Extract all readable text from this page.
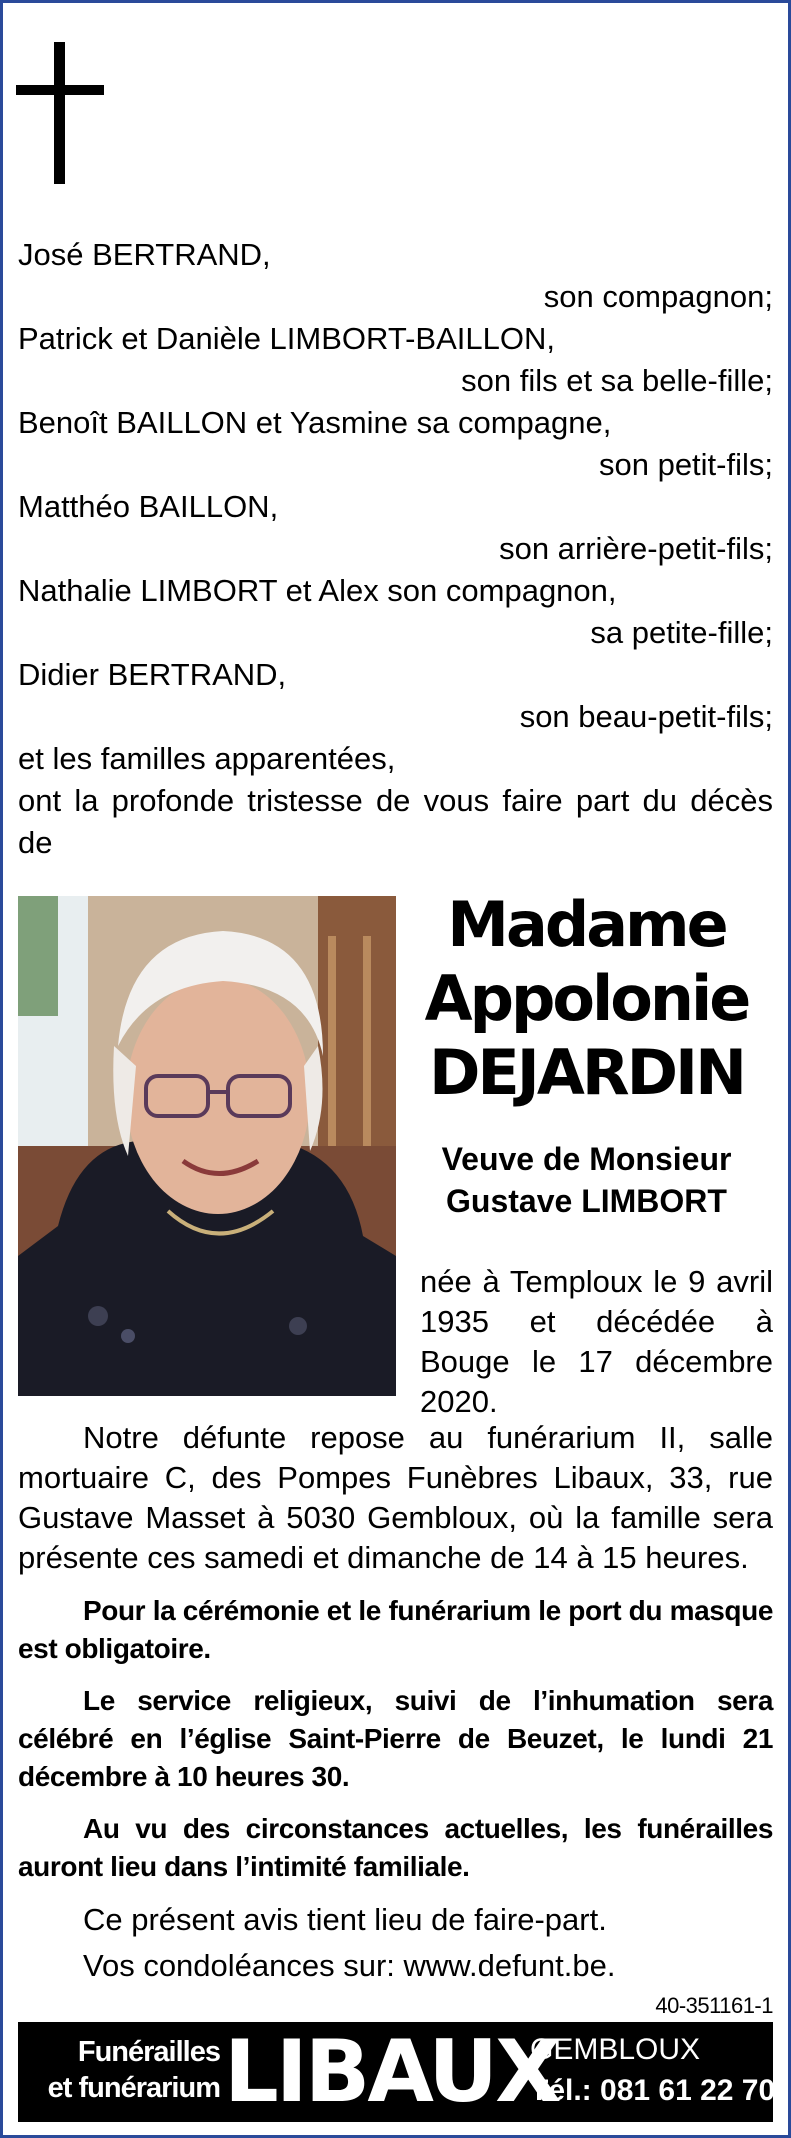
José BERTRAND,
son compagnon;
Patrick et Danièle LIMBORT-BAILLON,
son fils et sa belle-fille;
Benoît BAILLON et Yasmine sa compagne,
son petit-fils;
Matthéo BAILLON,
son arrière-petit-fils;
Nathalie LIMBORT et Alex son compagnon,
sa petite-fille;
Didier BERTRAND,
son beau-petit-fils;
et les familles apparentées,
ont la profonde tristesse de vous faire part du décès de
Madame
Appolonie
DEJARDIN
Veuve de Monsieur
Gustave LIMBORT
née à Temploux le 9 avril 1935 et décédée à Bouge le 17 décembre 2020.
Notre défunte repose au funérarium II, salle mortuaire C, des Pompes Funèbres Libaux, 33, rue Gustave Masset à 5030 Gembloux, où la famille sera présente ces samedi et dimanche de 14 à 15 heures.
Pour la cérémonie et le funérarium le port du masque est obligatoire.
Le service religieux, suivi de l’inhumation sera célébré en l’église Saint-Pierre de Beuzet, le lundi 21 décembre à 10 heures 30.
Au vu des circonstances actuelles, les funérailles auront lieu dans l’intimité familiale.
Ce présent avis tient lieu de faire-part.
Vos condoléances sur: www.defunt.be.
40-351161-1
Funérailles
et funérarium LIBAUX
GEMBLOUX
Tél.: 081 61 22 70
